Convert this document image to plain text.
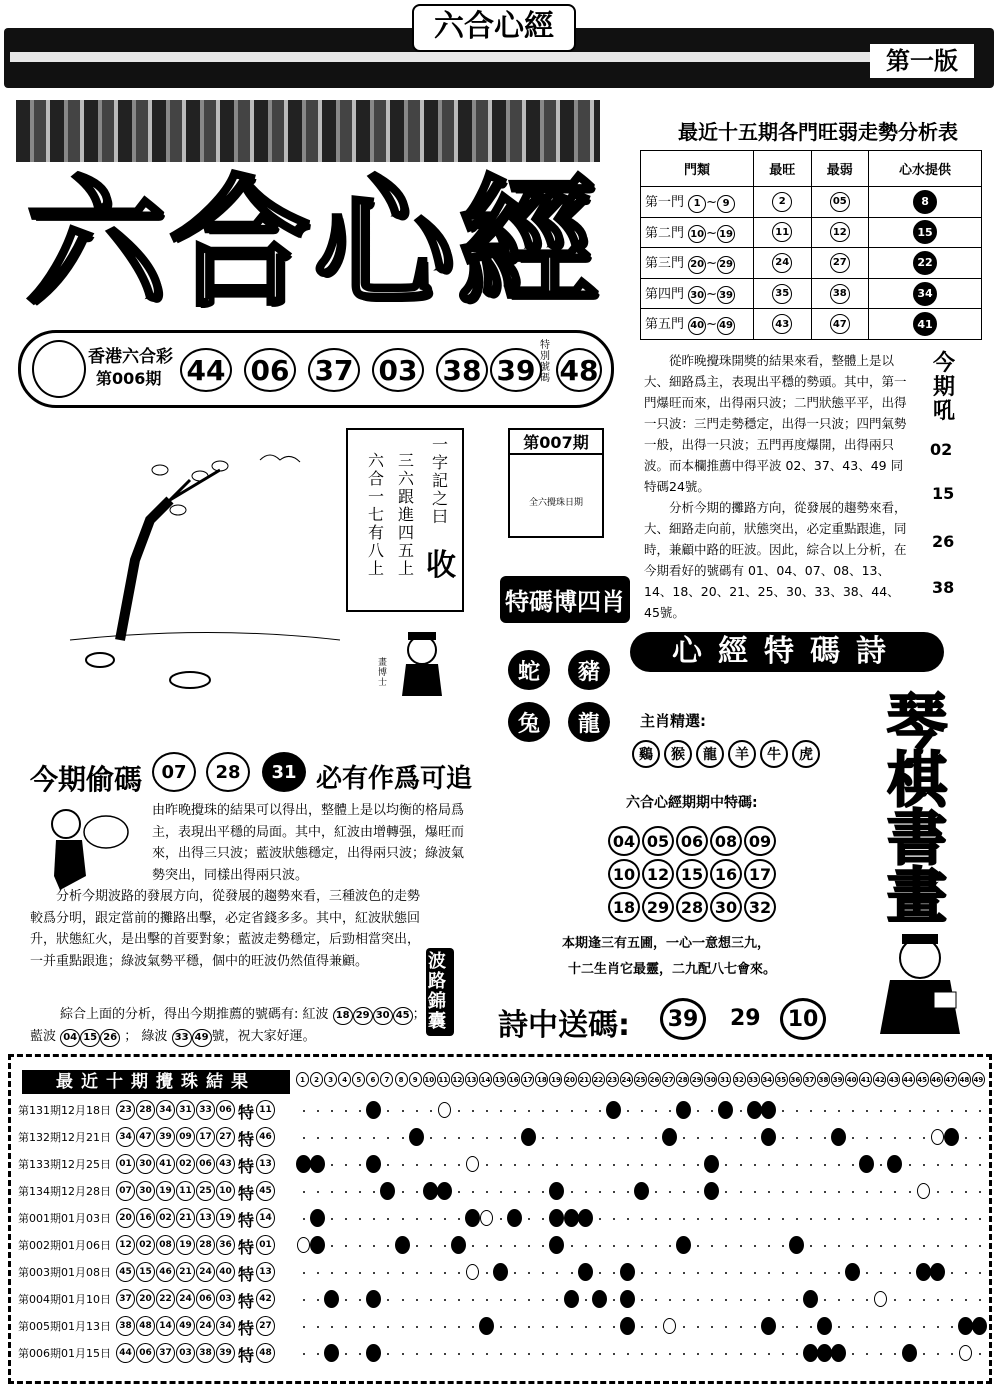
六合心經
第一版
六合心經
香港六合彩
第006期 44 06 37 03 38 39
特別號碼 48
最近十五期各門旺弱走勢分析表
門類	最旺	最弱	心水提供
第一門 1 ~ 9	2	05	8
第二門 10 ~ 19	11	12	15
第三門 20 ~ 29	24	27	22
第四門 30 ~ 39	35	38	34
第五門 40 ~ 49	43	47	41
從昨晚攪珠開獎的結果來看，整體上是以大、細路爲主，表現出平穩的勢頭。其中，第一門爆旺而來，出得兩只波；二門狀態平平，出得一只波：三門走勢穩定，出得一只波；四門氣勢一般，出得一只波；五門再度爆開，出得兩只波。而本欄推薦中得平波 02、37、43、49 同特碼24號。
分析今期的攤路方向，從發展的趨勢來看，大、細路走向前，狀態突出，必定重點跟進，同時，兼顧中路的旺波。因此，綜合以上分析，在今期看好的號碼有 01、04、07、08、13、14、18、20、21、25、30、33、38、44、45號。
今期吼
02
15
26
38
一字記之曰
三六跟進四五上
六合一七有八上 收
第007期
全六攪珠日期
特碼博四肖
蛇	豬
兔	龍
畫博士
心經特碼詩
主肖精選:
鷄	猴	龍	羊	牛	虎
六合心經期期中特碼:
04 05 06 08 09
10 12 15 16 17
18 29 28 30 32
本期逢三有五圃，一心一意想三九，
十二生肖它最靈，二九配八七會來。
琴棋書畫
詩中送碼:	39	29	10
今期偷碼	07	28	31 必有作爲可追
由昨晚攪珠的結果可以得出，整體上是以均衡的格局爲主，表現出平穩的局面。其中，紅波由增轉强，爆旺而來，出得三只波；藍波狀態穩定，出得兩只波；綠波氣勢突出，同樣出得兩只波。
分析今期波路的發展方向，從發展的趨勢來看，三種波色的走勢較爲分明，跟定當前的攤路出擊，必定省錢多多。其中，紅波狀態回升，狀態紅火，是出擊的首要對象；藍波走勢穩定，后勁相當突出，一并重點跟進；綠波氣勢平穩，個中的旺波仍然值得兼顧。	波路錦囊
綜合上面的分析，得出今期推薦的號碼有: 紅波 18 29 30 45 ；
藍波 04 15 26 ； 綠波 33 49 號，祝大家好運。
最近十期攪珠結果	1	2	3	4	5	6	7	8	9 10 11 12 13 14 15 16 17 18 19 20 21 22 23 24 25 26 27 28 29 30 31 32 33 34 35 36 37 38 39 40 41 42 43 44 45 46 47 48 49
第131期12月18日 23 28 34 31 33 06 特 11
第132期12月21日 34 47 39 09 17 27 特 46
第133期12月25日 01 30 41 02 06 43 特 13
第134期12月28日 07 30 19 11 25 10 特 45
第001期01月03日 20 16 02 21 13 19 特 14
第002期01月06日 12 02 08 19 28 36 特 01
第003期01月08日 45 15 46 21 24 40 特 13
第004期01月10日 37 20 22 24 06 03 特 42
第005期01月13日 38 48 14 49 24 34 特 27
第006期01月15日 44 06 37 03 38 39 特 48
